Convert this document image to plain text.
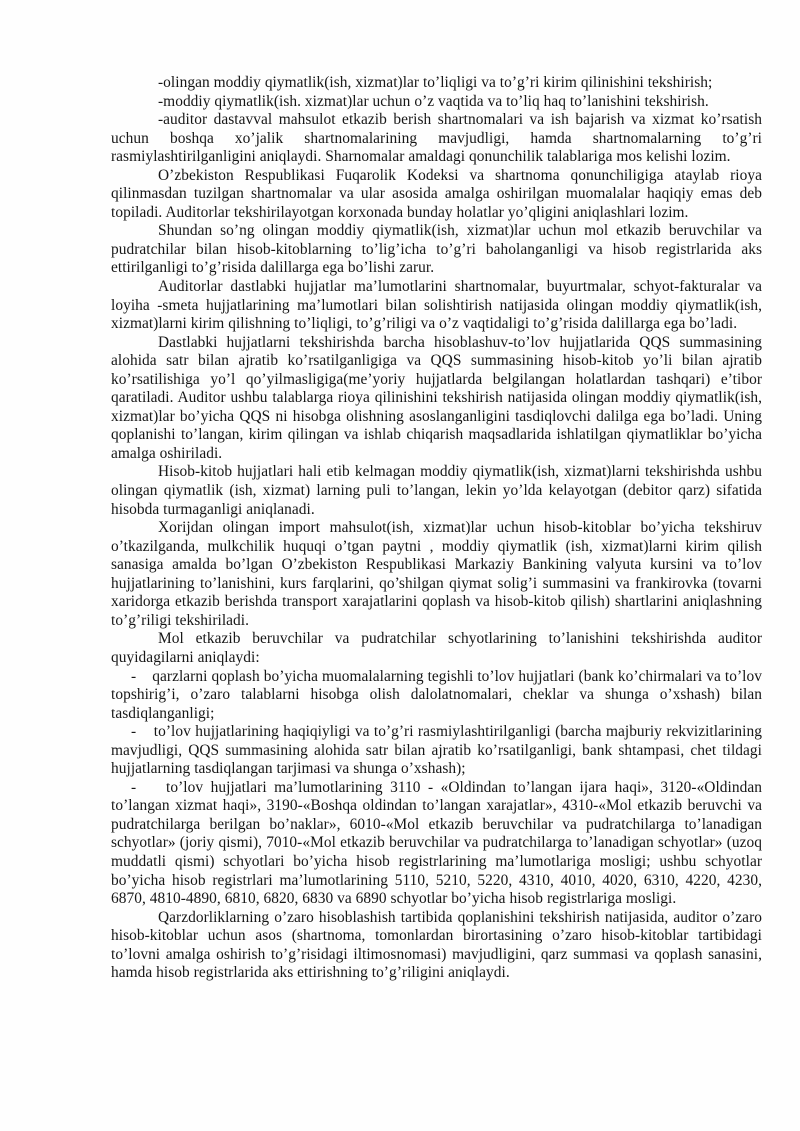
-olingan moddiy qiymatlik(ish, xizmat)lar to’liqligi va to’g’ri kirim qilinishini tekshirish;

-moddiy qiymatlik(ish. xizmat)lar uchun o’z vaqtida va to’liq haq to’lanishini tekshirish.

-auditor dastavval mahsulot etkazib berish shartnomalari va ish bajarish va xizmat ko’rsatish uchun boshqa xo’jalik shartnomalarining mavjudligi, hamda shartnomalarning to’g’ri rasmiylashtirilganligini aniqlaydi. Sharnomalar amaldagi qonunchilik talablariga mos kelishi lozim.

O’zbekiston Respublikasi Fuqarolik Kodeksi va shartnoma qonunchiligiga ataylab rioya qilinmasdan tuzilgan shartnomalar va ular asosida amalga oshirilgan muomalalar haqiqiy emas deb topiladi. Auditorlar tekshirilayotgan korxonada bunday holatlar yo’qligini aniqlashlari lozim.

Shundan so’ng olingan moddiy qiymatlik(ish, xizmat)lar uchun mol etkazib beruvchilar va pudratchilar bilan hisob-kitoblarning to’lig’icha to’g’ri baholanganligi va hisob registrlarida aks ettirilganligi to’g’risida dalillarga ega bo’lishi zarur.

Auditorlar dastlabki hujjatlar ma’lumotlarini shartnomalar, buyurtmalar, schyot-fakturalar va loyiha -smeta hujjatlarining ma’lumotlari bilan solishtirish natijasida olingan moddiy qiymatlik(ish, xizmat)larni kirim qilishning to’liqligi, to’g’riligi va o’z vaqtidaligi to’g’risida dalillarga ega bo’ladi.

Dastlabki hujjatlarni tekshirishda barcha hisoblashuv-to’lov hujjatlarida QQS summasining alohida satr bilan ajratib ko’rsatilganligiga va QQS summasining hisob-kitob yo’li bilan ajratib ko’rsatilishiga yo’l qo’yilmasligiga(me’yoriy hujjatlarda belgilangan holatlardan tashqari) e’tibor qaratiladi. Auditor ushbu talablarga rioya qilinishini tekshirish natijasida olingan moddiy qiymatlik(ish, xizmat)lar bo’yicha QQS ni hisobga olishning asoslanganligini tasdiqlovchi dalilga ega bo’ladi. Uning qoplanishi to’langan, kirim qilingan va ishlab chiqarish maqsadlarida ishlatilgan qiymatliklar bo’yicha amalga oshiriladi.

Hisob-kitob hujjatlari hali etib kelmagan moddiy qiymatlik(ish, xizmat)larni tekshirishda ushbu olingan qiymatlik (ish, xizmat) larning puli to’langan, lekin yo’lda kelayotgan (debitor qarz) sifatida hisobda turmaganligi aniqlanadi.

Xorijdan olingan import mahsulot(ish, xizmat)lar uchun hisob-kitoblar bo’yicha tekshiruv o’tkazilganda, mulkchilik huquqi o’tgan paytni , moddiy qiymatlik (ish, xizmat)larni kirim qilish sanasiga amalda bo’lgan O’zbekiston Respublikasi Markaziy Bankining valyuta kursini va to’lov hujjatlarining to’lanishini, kurs farqlarini, qo’shilgan qiymat solig’i summasini va frankirovka (tovarni xaridorga etkazib berishda transport xarajatlarini qoplash va hisob-kitob qilish) shartlarini aniqlashning to’g’riligi tekshiriladi.

Mol etkazib beruvchilar va pudratchilar schyotlarining to’lanishini tekshirishda auditor quyidagilarni aniqlaydi:

-    qarzlarni qoplash bo’yicha muomalalarning tegishli to’lov hujjatlari (bank ko’chirmalari va to’lov topshirig’i, o’zaro talablarni hisobga olish dalolatnomalari, cheklar va shunga o’xshash) bilan tasdiqlanganligi;

-    to’lov hujjatlarining haqiqiyligi va to’g’ri rasmiylashtirilganligi (barcha majburiy rekvizitlarining mavjudligi, QQS summasining alohida satr bilan ajratib ko’rsatilganligi, bank shtampasi, chet tildagi hujjatlarning tasdiqlangan tarjimasi va shunga o’xshash);

-    to’lov hujjatlari ma’lumotlarining 3110 - «Oldindan to’langan ijara haqi», 3120-«Oldindan to’langan xizmat haqi», 3190-«Boshqa oldindan to’langan xarajatlar», 4310-«Mol etkazib beruvchi va pudratchilarga berilgan bo’naklar», 6010-«Mol etkazib beruvchilar va pudratchilarga to’lanadigan schyotlar» (joriy qismi), 7010-«Mol etkazib beruvchilar va pudratchilarga to’lanadigan schyotlar» (uzoq muddatli qismi) schyotlari bo’yicha hisob registrlarining ma’lumotlariga mosligi; ushbu schyotlar bo’yicha hisob registrlari ma’lumotlarining 5110, 5210, 5220, 4310, 4010, 4020, 6310, 4220, 4230, 6870, 4810-4890, 6810, 6820, 6830 va 6890 schyotlar bo’yicha hisob registrlariga mosligi.

Qarzdorliklarning o’zaro hisoblashish tartibida qoplanishini tekshirish natijasida, auditor o’zaro hisob-kitoblar uchun asos (shartnoma, tomonlardan birortasining o’zaro hisob-kitoblar tartibidagi to’lovni amalga oshirish to’g’risidagi iltimosnomasi) mavjudligini, qarz summasi va qoplash sanasini, hamda hisob registrlarida aks ettirishning to’g’riligini aniqlaydi.
